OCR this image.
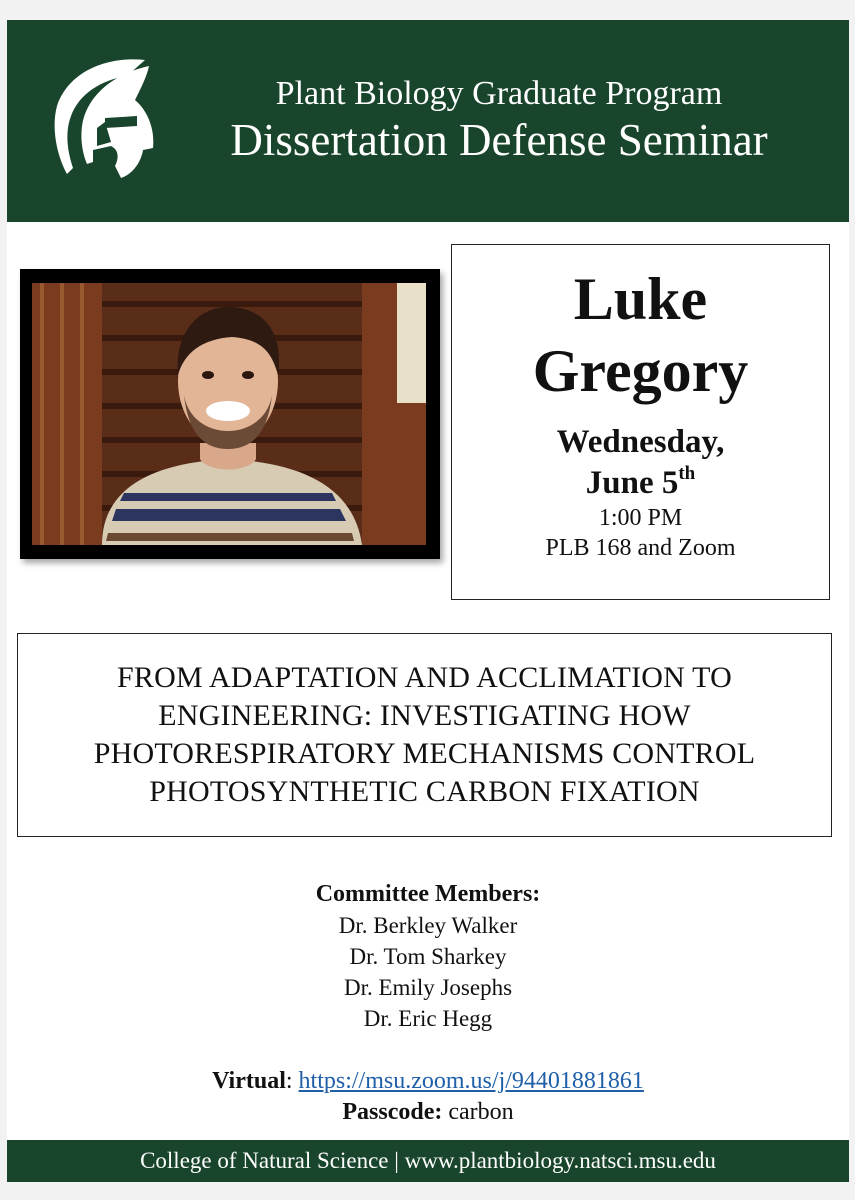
Plant Biology Graduate Program
Dissertation Defense Seminar
Luke
Gregory
Wednesday,
June 5th
1:00 PM
PLB 168 and Zoom
FROM ADAPTATION AND ACCLIMATION TO
ENGINEERING: INVESTIGATING HOW
PHOTORESPIRATORY MECHANISMS CONTROL
PHOTOSYNTHETIC CARBON FIXATION
Committee Members:
Dr. Berkley Walker
Dr. Tom Sharkey
Dr. Emily Josephs
Dr. Eric Hegg
Virtual: https://msu.zoom.us/j/94401881861
Passcode: carbon
College of Natural Science | www.plantbiology.natsci.msu.edu
